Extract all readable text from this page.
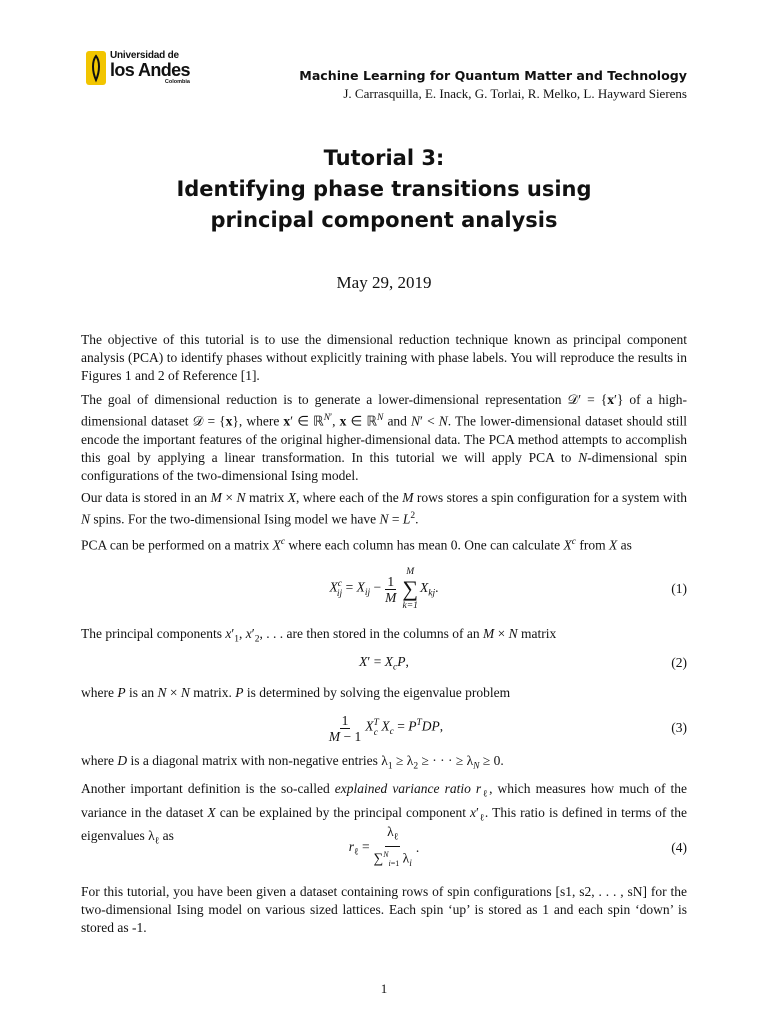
Universidad de
los Andes
Colombia	Machine Learning for Quantum Matter and Technology
J. Carrasquilla, E. Inack, G. Torlai, R. Melko, L. Hayward Sierens
Tutorial 3:
Identifying phase transitions using
principal component analysis
May 29, 2019
The objective of this tutorial is to use the dimensional reduction technique known as principal component analysis (PCA) to identify phases without explicitly training with phase labels. You will reproduce the results in Figures 1 and 2 of Reference [1].
The goal of dimensional reduction is to generate a lower-dimensional representation 𝒟′ = {x′} of a high-dimensional dataset 𝒟 = {x}, where x′ ∈ ℝ$^{N'}$, x ∈ ℝ$^N$ and N′ < N. The lower-dimensional dataset should still encode the important features of the original higher-dimensional data. The PCA method attempts to accomplish this goal by applying a linear transformation. In this tutorial we will apply PCA to N-dimensional spin configurations of the two-dimensional Ising model.
Our data is stored in an M × N matrix X, where each of the M rows stores a spin configuration for a system with N spins. For the two-dimensional Ising model we have $N = L^2$.
PCA can be performed on a matrix $X^c$ where each column has mean 0. One can calculate $X^c$ from X as
$X^c_{ij} = X_{ij} - \frac{1}{M}$
M
∑
k=1
$X_{kj}$.	(1)
The principal components $x'_1$, $x'_2$, . . . are then stored in the columns of an M × N matrix
$X' = X_cP$,	(2)
where P is an N × N matrix. P is determined by solving the eigenvalue problem
$\frac{1}{M - 1} X^T_c$ $X_c = P^TDP$,	(3)
where D is a diagonal matrix with non-negative entries $\lambda_1 \ge \lambda_2$ ≥ · · · ≥ $\lambda_N \ge 0$.
Another important definition is the so-called explained variance ratio $r_\ell$, which measures how much of the variance in the dataset X can be explained by the principal component $x'_\ell$. This ratio is defined in terms of the eigenvalues $\lambda_\ell$ as
$r_\ell = \frac{\lambda_\ell}{\sum^N_{i=1} \lambda_i}$ .	(4)
For this tutorial, you have been given a dataset containing rows of spin configurations [s1, s2, . . . , sN] for the two-dimensional Ising model on various sized lattices. Each spin ‘up’ is stored as 1 and each spin ‘down’ is stored as -1.
1
